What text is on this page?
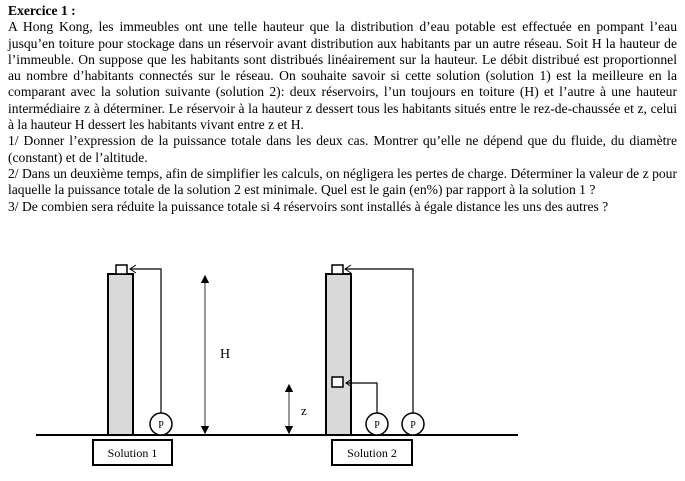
Exercice 1 :

A Hong Kong, les immeubles ont une telle hauteur que la distribution d’eau potable est effectuée en pompant l’eau jusqu’en toiture pour stockage dans un réservoir avant distribution aux habitants par un autre réseau. Soit H la hauteur de l’immeuble. On suppose que les habitants sont distribués linéairement sur la hauteur. Le débit distribué est proportionnel au nombre d’habitants connectés sur le réseau. On souhaite savoir si cette solution (solution 1) est la meilleure en la comparant avec la solution suivante (solution 2): deux réservoirs, l’un toujours en toiture (H) et l’autre à une hauteur intermédiaire z à déterminer. Le réservoir à la hauteur z dessert tous les habitants situés entre le rez-de-chaussée et z, celui à la hauteur H dessert les habitants vivant entre z et H.

1/ Donner l’expression de la puissance totale dans les deux cas. Montrer qu’elle ne dépend que du fluide, du diamètre (constant) et de l’altitude.

2/ Dans un deuxième temps, afin de simplifier les calculs, on négligera les pertes de charge. Déterminer la valeur de z pour laquelle la puissance totale de la solution 2 est minimale. Quel est le gain (en%) par rapport à la solution 1 ?

3/ De combien sera réduite la puissance totale si 4 réservoirs sont installés à égale distance les uns des autres ?

P
H
z
P	P
Solution 1	Solution 2
